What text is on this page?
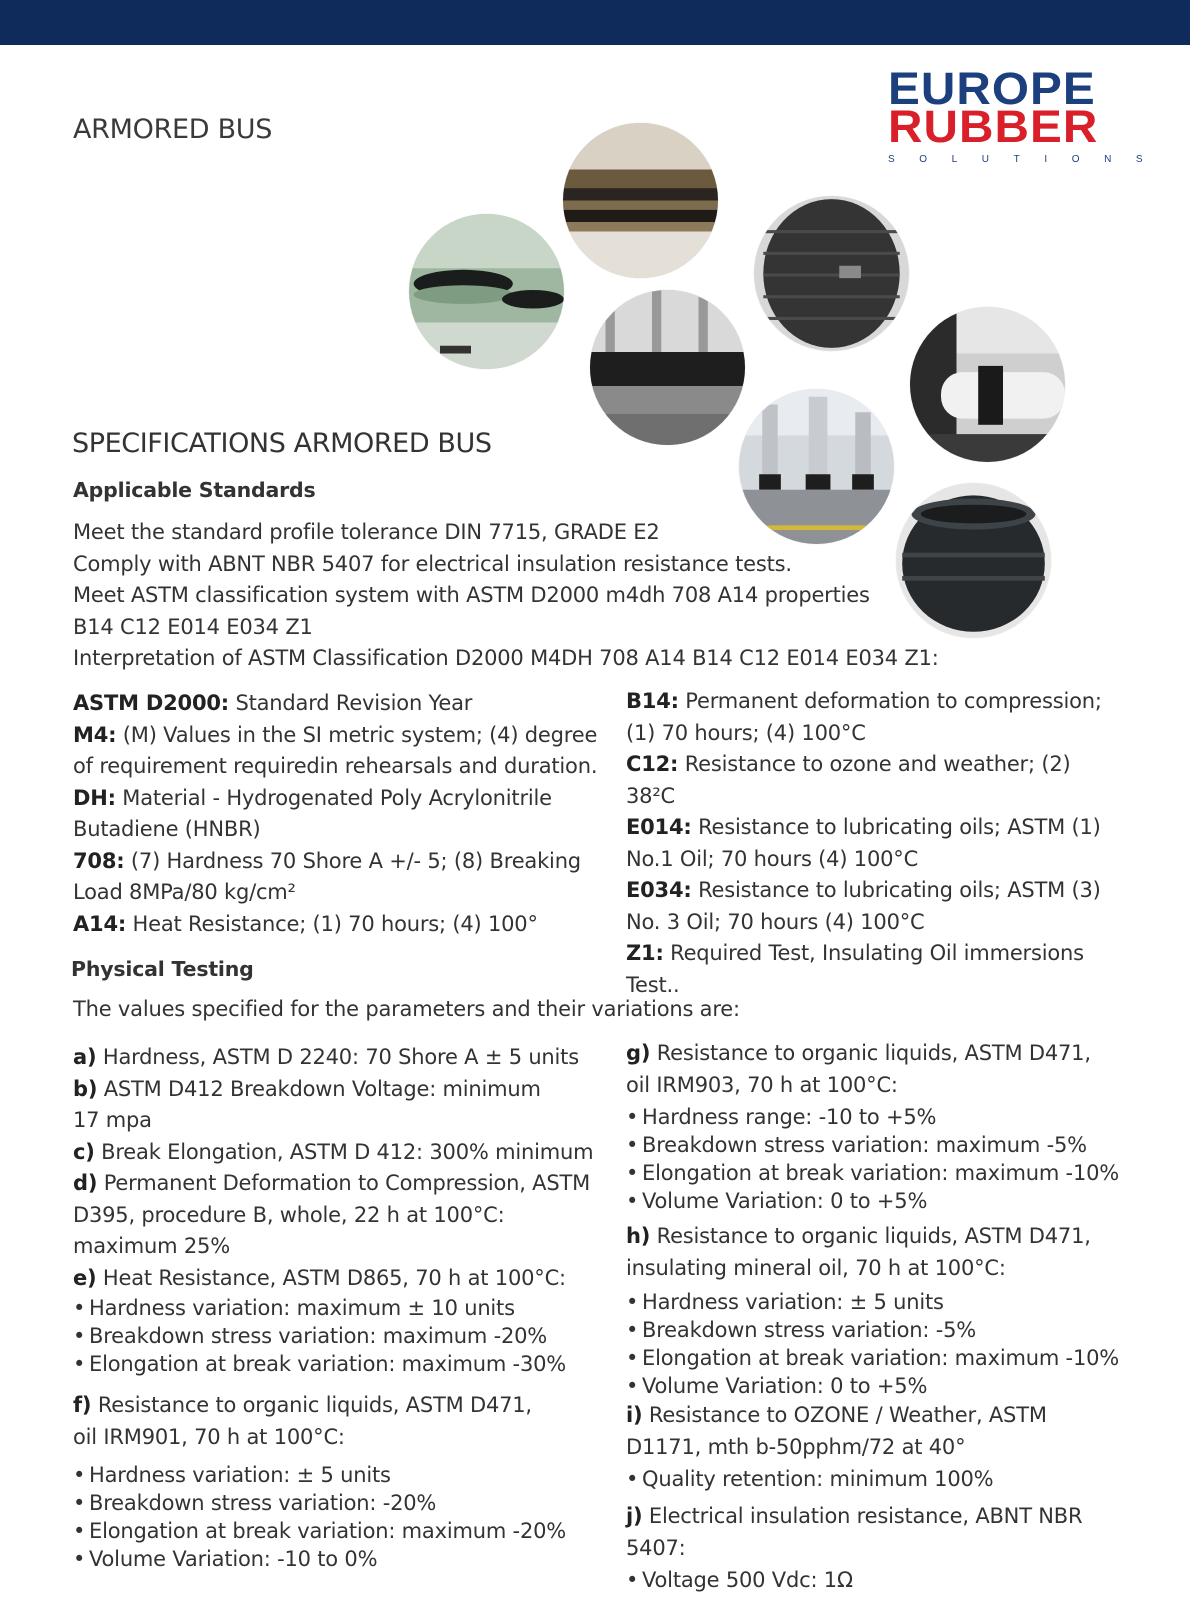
ARMORED BUS
EUROPE
RUBBER
SOLUTIONS
SPECIFICATIONS ARMORED BUS
Applicable Standards

Meet the standard profile tolerance DIN 7715, GRADE E2

Comply with ABNT NBR 5407 for electrical insulation resistance tests.

Meet ASTM classification system with ASTM D2000 m4dh 708 A14 properties

B14 C12 E014 E034 Z1

Interpretation of ASTM Classification D2000 M4DH 708 A14 B14 C12 E014 E034 Z1:

ASTM D2000: Standard Revision Year

M4: (M) Values in the SI metric system; (4) degree of requirement requiredin rehearsals and duration.

DH: Material - Hydrogenated Poly Acrylonitrile Butadiene (HNBR)

708: (7) Hardness 70 Shore A +/- 5; (8) Breaking Load 8MPa/80 kg/cm²

A14: Heat Resistance; (1) 70 hours; (4) 100°

B14: Permanent deformation to compression; (1) 70 hours; (4) 100°C

C12: Resistance to ozone and weather; (2) 38²C

E014: Resistance to lubricating oils; ASTM (1) No.1 Oil; 70 hours (4) 100°C

E034: Resistance to lubricating oils; ASTM (3) No. 3 Oil; 70 hours (4) 100°C

Z1: Required Test, Insulating Oil immersions Test..

Physical Testing
The values specified for the parameters and their variations are:

a) Hardness, ASTM D 2240: 70 Shore A ± 5 units

b) ASTM D412 Breakdown Voltage: minimum 17 mpa

c) Break Elongation, ASTM D 412: 300% minimum

d) Permanent Deformation to Compression, ASTM D395, procedure B, whole, 22 h at 100°C: maximum 25%

e) Heat Resistance, ASTM D865, 70 h at 100°C:

• Hardness variation: maximum ± 10 units

• Breakdown stress variation: maximum -20%

• Elongation at break variation: maximum -30%

f) Resistance to organic liquids, ASTM D471, oil IRM901, 70 h at 100°C:

• Hardness variation: ± 5 units

• Breakdown stress variation: -20%

• Elongation at break variation: maximum -20%

• Volume Variation: -10 to 0%

g) Resistance to organic liquids, ASTM D471, oil IRM903, 70 h at 100°C:

• Hardness range: -10 to +5%

• Breakdown stress variation: maximum -5%

• Elongation at break variation: maximum -10%

• Volume Variation: 0 to +5%

h) Resistance to organic liquids, ASTM D471, insulating mineral oil, 70 h at 100°C:

• Hardness variation: ± 5 units

• Breakdown stress variation: -5%

• Elongation at break variation: maximum -10%

• Volume Variation: 0 to +5%

i) Resistance to OZONE / Weather, ASTM D1171, mth b-50pphm/72 at 40°

• Quality retention: minimum 100%

j) Electrical insulation resistance, ABNT NBR 5407:

• Voltage 500 Vdc: 1Ω
